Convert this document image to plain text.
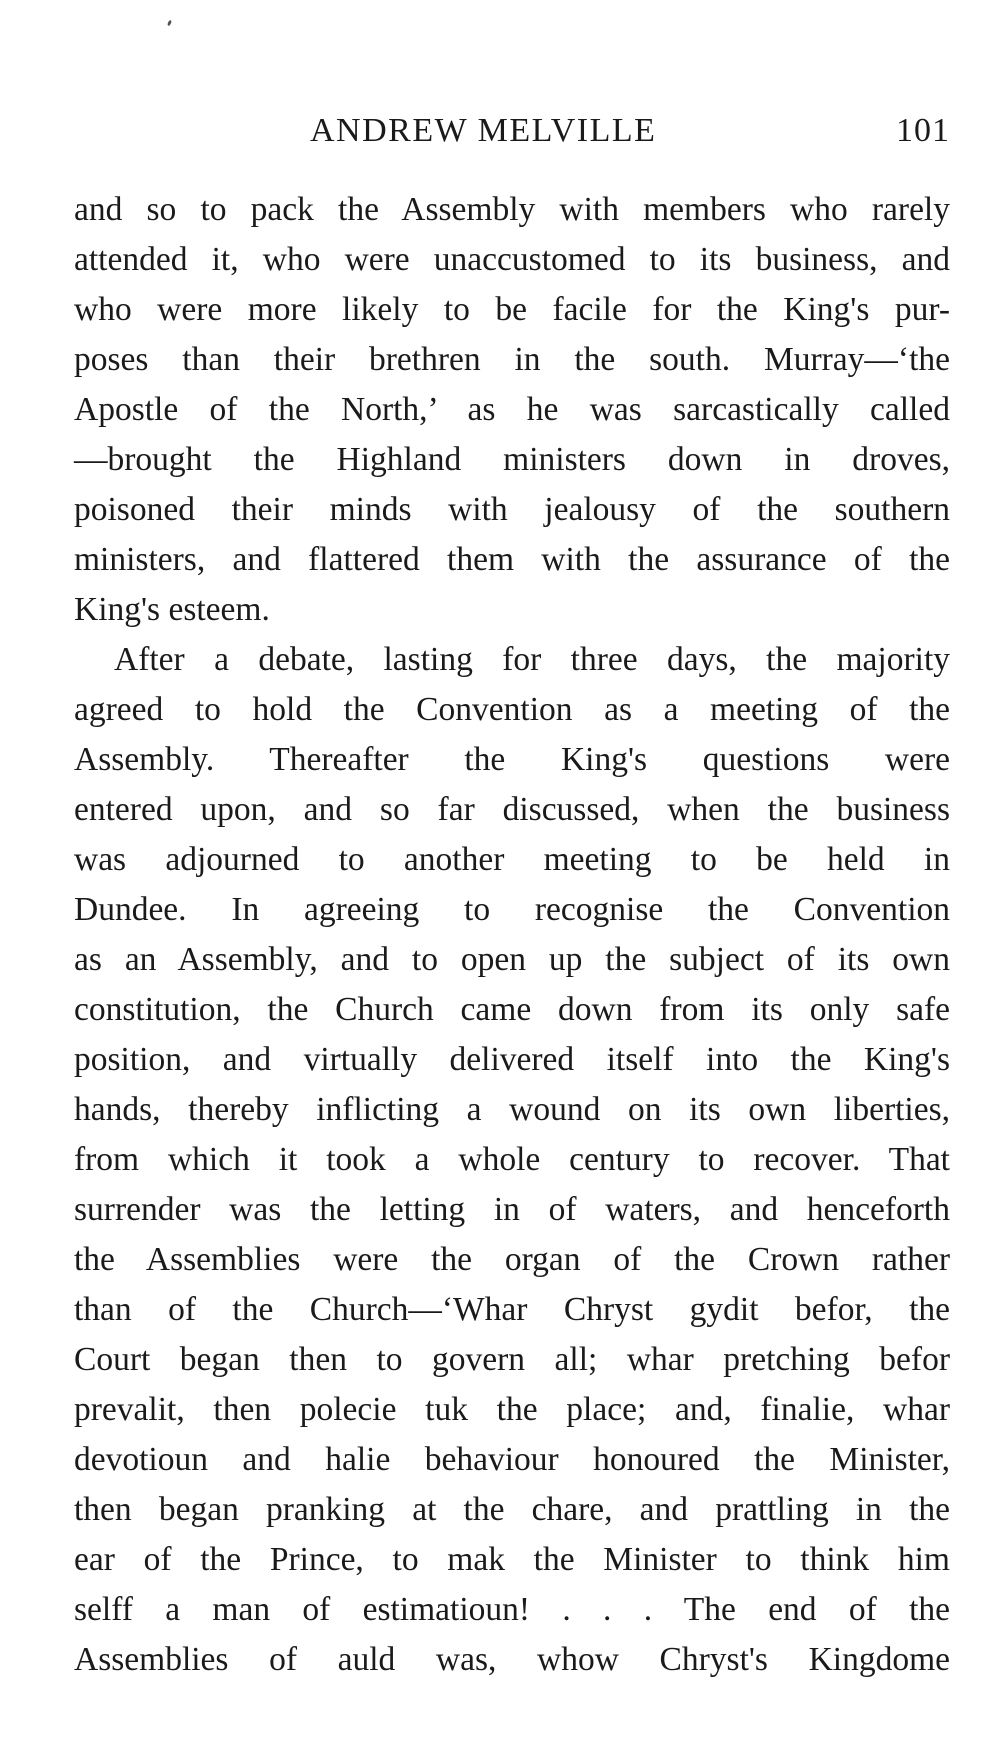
ANDREW MELVILLE	101

and so to pack the Assembly with members who rarely
attended it, who were unaccustomed to its business, and
who were more likely to be facile for the King's pur-
poses than their brethren in the south. Murray—‘the
Apostle of the North,’ as he was sarcastically called
—brought the Highland ministers down in droves,
poisoned their minds with jealousy of the southern
ministers, and flattered them with the assurance of the
King's esteem.

After a debate, lasting for three days, the majority
agreed to hold the Convention as a meeting of the
Assembly. Thereafter the King's questions were
entered upon, and so far discussed, when the business
was adjourned to another meeting to be held in
Dundee. In agreeing to recognise the Convention
as an Assembly, and to open up the subject of its own
constitution, the Church came down from its only safe
position, and virtually delivered itself into the King's
hands, thereby inflicting a wound on its own liberties,
from which it took a whole century to recover. That
surrender was the letting in of waters, and henceforth
the Assemblies were the organ of the Crown rather
than of the Church—‘Whar Chryst gydit befor, the
Court began then to govern all; whar pretching befor
prevalit, then polecie tuk the place; and, finalie, whar
devotioun and halie behaviour honoured the Minister,
then began pranking at the chare, and prattling in the
ear of the Prince, to mak the Minister to think him
selff a man of estimatioun! . . . The end of the
Assemblies of auld was, whow Chryst's Kingdome
